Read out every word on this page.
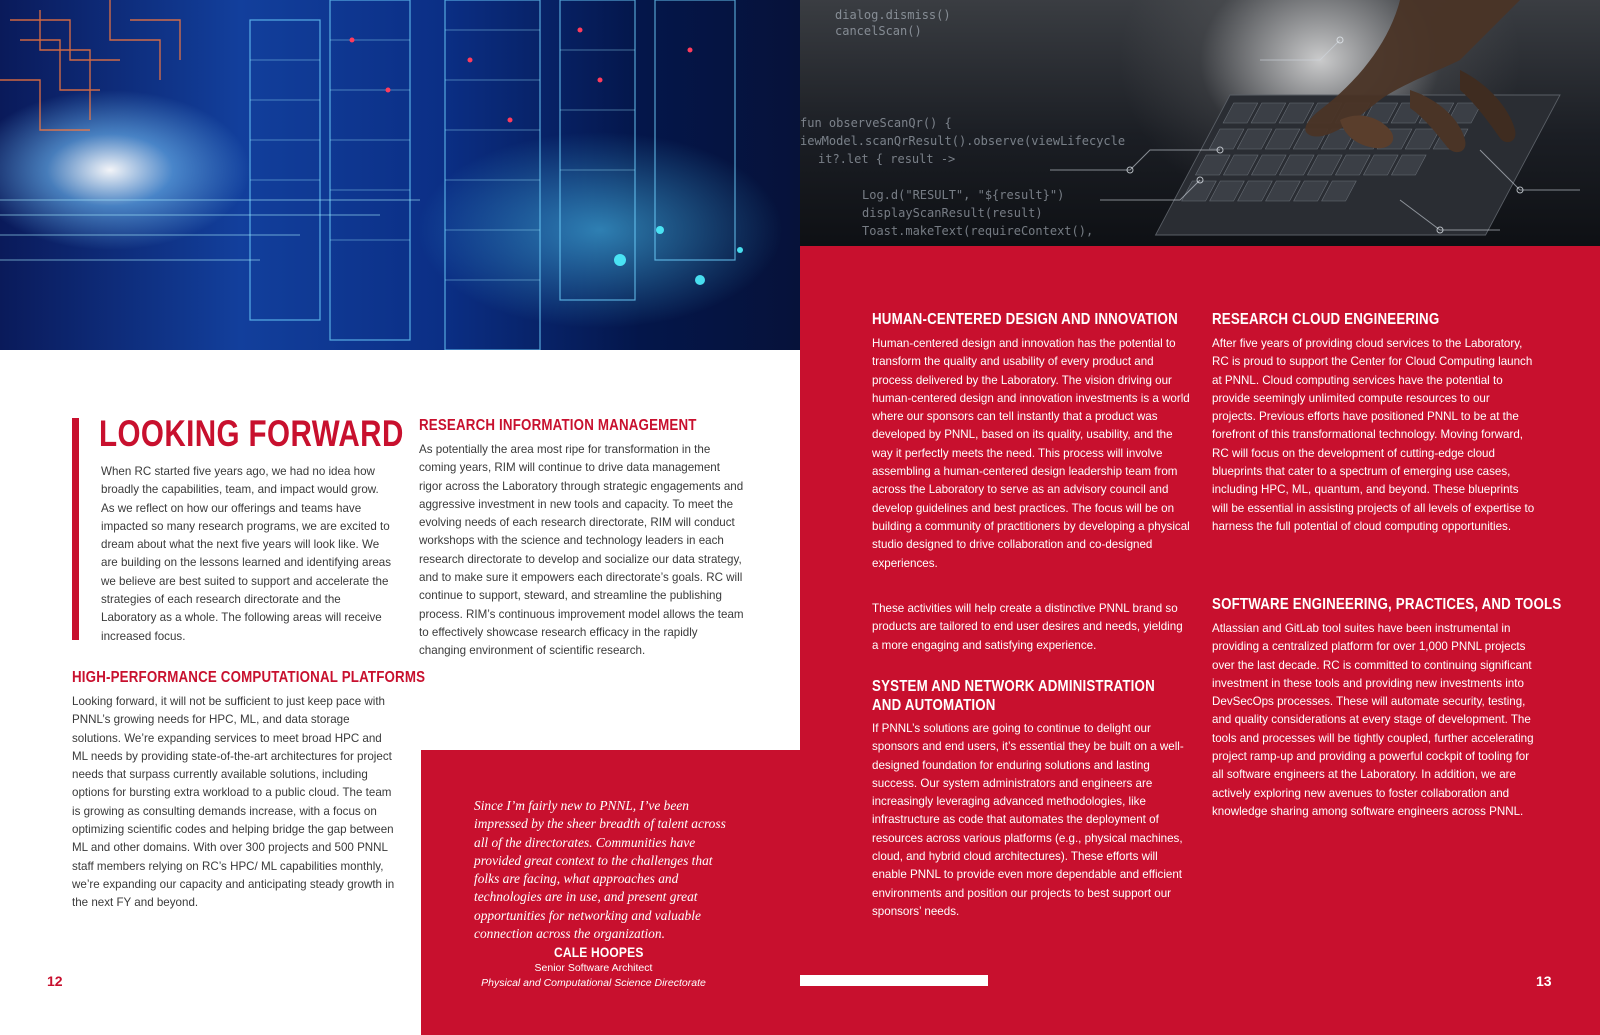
dialog.dismiss()
cancelScan()
fun observeScanQr() {
iewModel.scanQrResult().observe(viewLifecycle
it?.let { result ->
Log.d("RESULT", "${result}")
displayScanResult(result)
Toast.makeText(requireContext(),
LOOKING FORWARD

When RC started five years ago, we had no idea how broadly the capabilities, team, and impact would grow. As we reflect on how our offerings and teams have impacted so many research programs, we are excited to dream about what the next five years will look like. We are building on the lessons learned and identifying areas we believe are best suited to support and accelerate the strategies of each research directorate and the Laboratory as a whole. The following areas will receive increased focus.

HIGH-PERFORMANCE COMPUTATIONAL PLATFORMS

Looking forward, it will not be sufficient to just keep pace with PNNL’s growing needs for HPC, ML, and data storage solutions. We’re expanding services to meet broad HPC and ML needs by providing state-of-the-art architectures for project needs that surpass currently available solutions, including options for bursting extra workload to a public cloud. The team is growing as consulting demands increase, with a focus on optimizing scientific codes and helping bridge the gap between ML and other domains. With over 300 projects and 500 PNNL staff members relying on RC’s HPC/ ML capabilities monthly, we’re expanding our capacity and anticipating steady growth in the next FY and beyond.

RESEARCH INFORMATION MANAGEMENT

As potentially the area most ripe for transformation in the coming years, RIM will continue to drive data management rigor across the Laboratory through strategic engagements and aggressive investment in new tools and capacity. To meet the evolving needs of each research directorate, RIM will conduct workshops with the science and technology leaders in each research directorate to develop and socialize our data strategy, and to make sure it empowers each directorate’s goals. RC will continue to support, steward, and streamline the publishing process. RIM’s continuous improvement model allows the team to effectively showcase research efficacy in the rapidly changing environment of scientific research.

Since I’m fairly new to PNNL, I’ve been impressed by the sheer breadth of talent across all of the directorates. Communities have provided great context to the challenges that folks are facing, what approaches and technologies are in use, and present great opportunities for networking and valuable connection across the organization.

CALE HOOPES
Senior Software Architect
Physical and Computational Science Directorate
12
HUMAN-CENTERED DESIGN AND INNOVATION

Human-centered design and innovation has the potential to transform the quality and usability of every product and process delivered by the Laboratory. The vision driving our human-centered design and innovation investments is a world where our sponsors can tell instantly that a product was developed by PNNL, based on its quality, usability, and the way it perfectly meets the need. This process will involve assembling a human-centered design leadership team from across the Laboratory to serve as an advisory council and develop guidelines and best practices. The focus will be on building a community of practitioners by developing a physical studio designed to drive collaboration and co-designed experiences.

These activities will help create a distinctive PNNL brand so products are tailored to end user desires and needs, yielding a more engaging and satisfying experience.

SYSTEM AND NETWORK ADMINISTRATION
AND AUTOMATION

If PNNL’s solutions are going to continue to delight our sponsors and end users, it’s essential they be built on a well-designed foundation for enduring solutions and lasting success. Our system administrators and engineers are increasingly leveraging advanced methodologies, like infrastructure as code that automates the deployment of resources across various platforms (e.g., physical machines, cloud, and hybrid cloud architectures). These efforts will enable PNNL to provide even more dependable and efficient environments and position our projects to best support our sponsors’ needs.

RESEARCH CLOUD ENGINEERING

After five years of providing cloud services to the Laboratory, RC is proud to support the Center for Cloud Computing launch at PNNL. Cloud computing services have the potential to provide seemingly unlimited compute resources to our projects. Previous efforts have positioned PNNL to be at the forefront of this transformational technology. Moving forward, RC will focus on the development of cutting-edge cloud blueprints that cater to a spectrum of emerging use cases, including HPC, ML, quantum, and beyond. These blueprints will be essential in assisting projects of all levels of expertise to harness the full potential of cloud computing opportunities.

SOFTWARE ENGINEERING, PRACTICES, AND TOOLS

Atlassian and GitLab tool suites have been instrumental in providing a centralized platform for over 1,000 PNNL projects over the last decade. RC is committed to continuing significant investment in these tools and providing new investments into DevSecOps processes. These will automate security, testing, and quality considerations at every stage of development. The tools and processes will be tightly coupled, further accelerating project ramp-up and providing a powerful cockpit of tooling for all software engineers at the Laboratory. In addition, we are actively exploring new avenues to foster collaboration and knowledge sharing among software engineers across PNNL.

13
